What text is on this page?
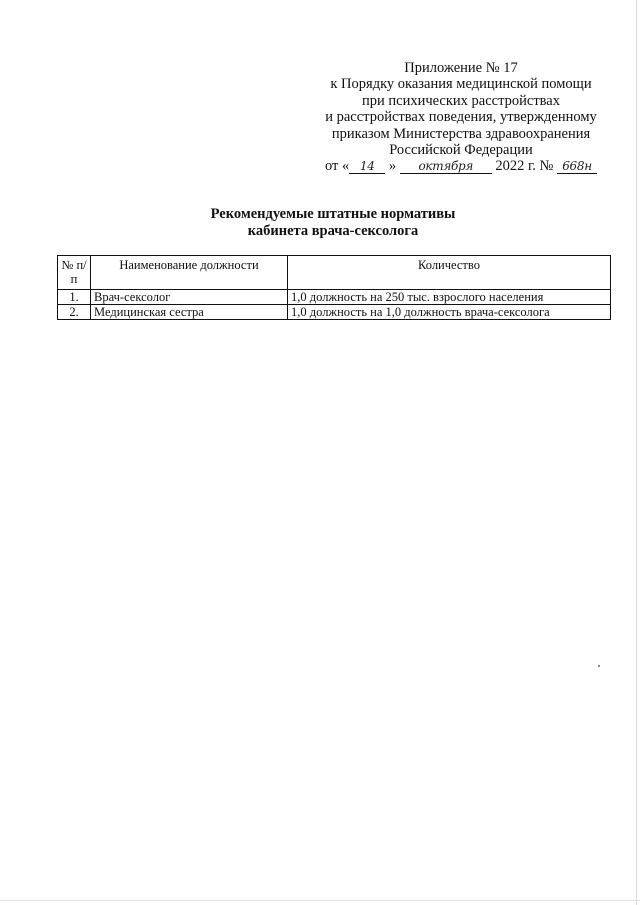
Приложение № 17
к Порядку оказания медицинской помощи
при психических расстройствах
и расстройствах поведения, утвержденному
приказом Министерства здравоохранения
Российской Федерации
от « 14 » октября 2022 г. № 668н
Рекомендуемые штатные нормативы
кабинета врача-сексолога
№ п/п	Наименование должности	Количество
1.	Врач-сексолог	1,0 должность на 250 тыс. взрослого населения
2.	Медицинская сестра	1,0 должность на 1,0 должность врача-сексолога
